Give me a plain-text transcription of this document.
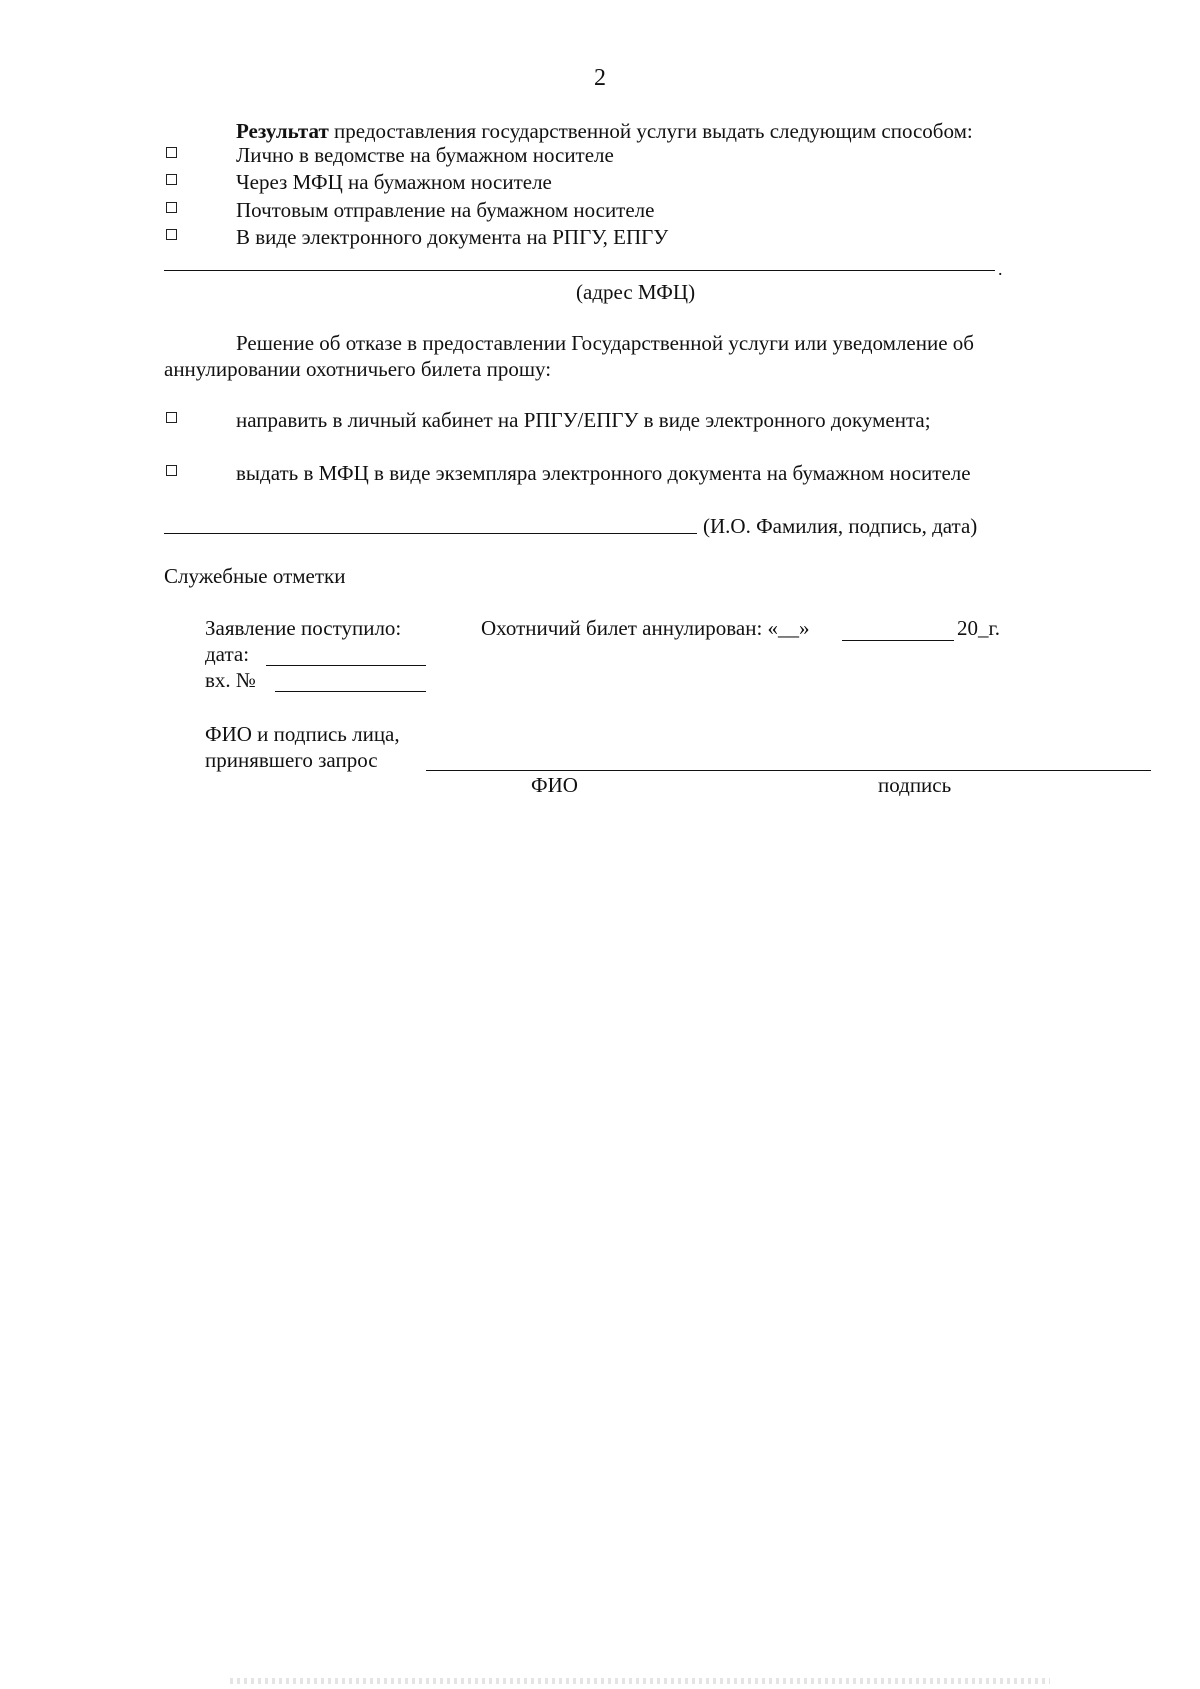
2
Результат предоставления государственной услуги выдать следующим способом:
Лично в ведомстве на бумажном носителе
Через МФЦ на бумажном носителе
Почтовым отправление на бумажном носителе
В виде электронного документа на РПГУ, ЕПГУ
.
(адрес МФЦ)
Решение об отказе в предоставлении Государственной услуги или уведомление об
аннулировании охотничьего билета прошу:
направить в личный кабинет на РПГУ/ЕПГУ в виде электронного документа;
выдать в МФЦ в виде экземпляра электронного документа на бумажном носителе
(И.О. Фамилия, подпись, дата)
Служебные отметки
Заявление поступило:
дата:
вх. №
Охотничий билет аннулирован: «__»	20_г.
ФИО и подпись лица,
принявшего запрос
ФИО	подпись
